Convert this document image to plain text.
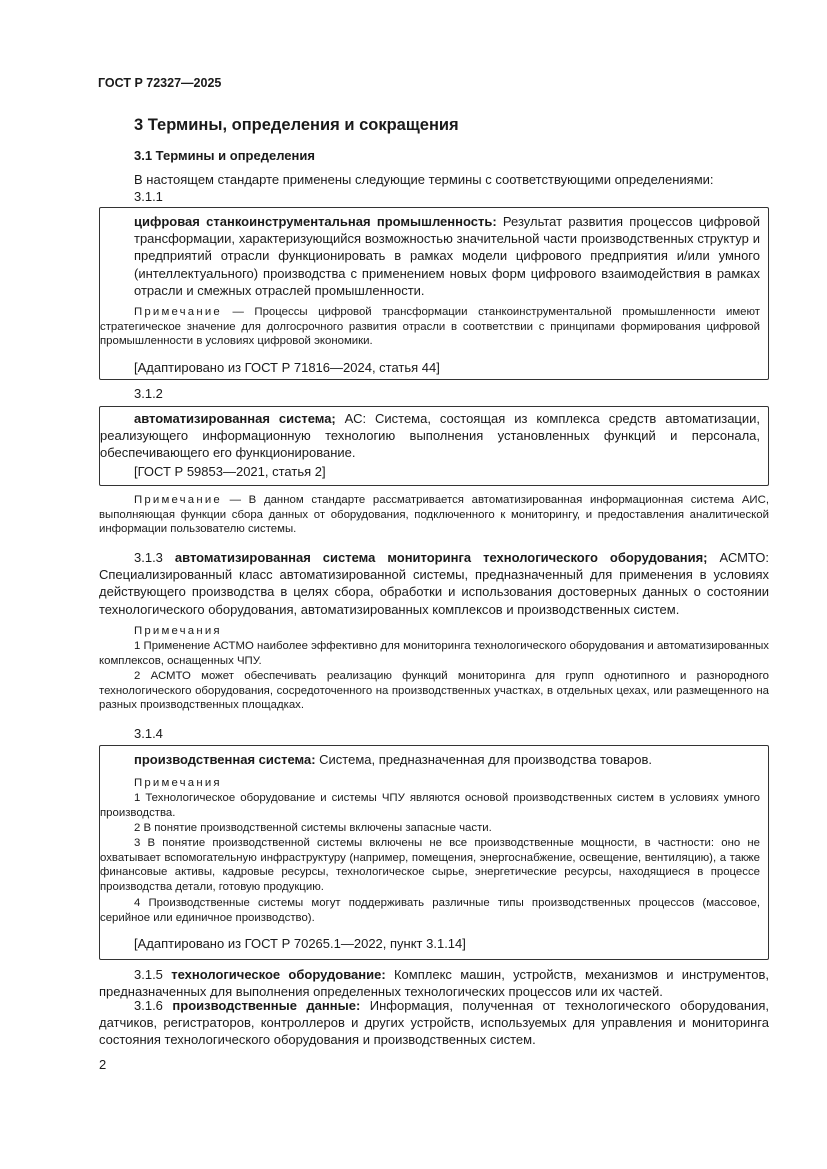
ГОСТ Р 72327—2025
3 Термины, определения и сокращения
3.1 Термины и определения
В настоящем стандарте применены следующие термины с соответствующими определениями:
3.1.1
цифровая станкоинструментальная промышленность: Результат развития процессов цифровой трансформации, характеризующийся возможностью значительной части производственных структур и предприятий отрасли функционировать в рамках модели цифрового предприятия и/или умного (интеллектуального) производства с применением новых форм цифрового взаимодействия в рамках отрасли и смежных отраслей промышленности.
Примечание — Процессы цифровой трансформации станкоинструментальной промышленности имеют стратегическое значение для долгосрочного развития отрасли в соответствии с принципами формирования цифровой промышленности в условиях цифровой экономики.
[Адаптировано из ГОСТ Р 71816—2024, статья 44]
3.1.2
автоматизированная система; АС: Система, состоящая из комплекса средств автоматизации, реализующего информационную технологию выполнения установленных функций и персонала, обеспечивающего его функционирование.
[ГОСТ Р 59853—2021, статья 2]
Примечание — В данном стандарте рассматривается автоматизированная информационная система АИС, выполняющая функции сбора данных от оборудования, подключенного к мониторингу, и предоставления аналитической информации пользователю системы.
3.1.3 автоматизированная система мониторинга технологического оборудования; АСМТО: Специализированный класс автоматизированной системы, предназначенный для применения в условиях действующего производства в целях сбора, обработки и использования достоверных данных о состоянии технологического оборудования, автоматизированных комплексов и производственных систем.
Примечания
1 Применение АСТМО наиболее эффективно для мониторинга технологического оборудования и автоматизированных комплексов, оснащенных ЧПУ.
2 АСМТО может обеспечивать реализацию функций мониторинга для групп однотипного и разнородного технологического оборудования, сосредоточенного на производственных участках, в отдельных цехах, или размещенного на разных производственных площадках.
3.1.4
производственная система: Система, предназначенная для производства товаров.
Примечания
1 Технологическое оборудование и системы ЧПУ являются основой производственных систем в условиях умного производства.
2 В понятие производственной системы включены запасные части.
3 В понятие производственной системы включены не все производственные мощности, в частности: оно не охватывает вспомогательную инфраструктуру (например, помещения, энергоснабжение, освещение, вентиляцию), а также финансовые активы, кадровые ресурсы, технологическое сырье, энергетические ресурсы, находящиеся в процессе производства детали, готовую продукцию.
4 Производственные системы могут поддерживать различные типы производственных процессов (массовое, серийное или единичное производство).
[Адаптировано из ГОСТ Р 70265.1—2022, пункт 3.1.14]
3.1.5 технологическое оборудование: Комплекс машин, устройств, механизмов и инструментов, предназначенных для выполнения определенных технологических процессов или их частей.
3.1.6 производственные данные: Информация, полученная от технологического оборудования, датчиков, регистраторов, контроллеров и других устройств, используемых для управления и мониторинга состояния технологического оборудования и производственных систем.
2
